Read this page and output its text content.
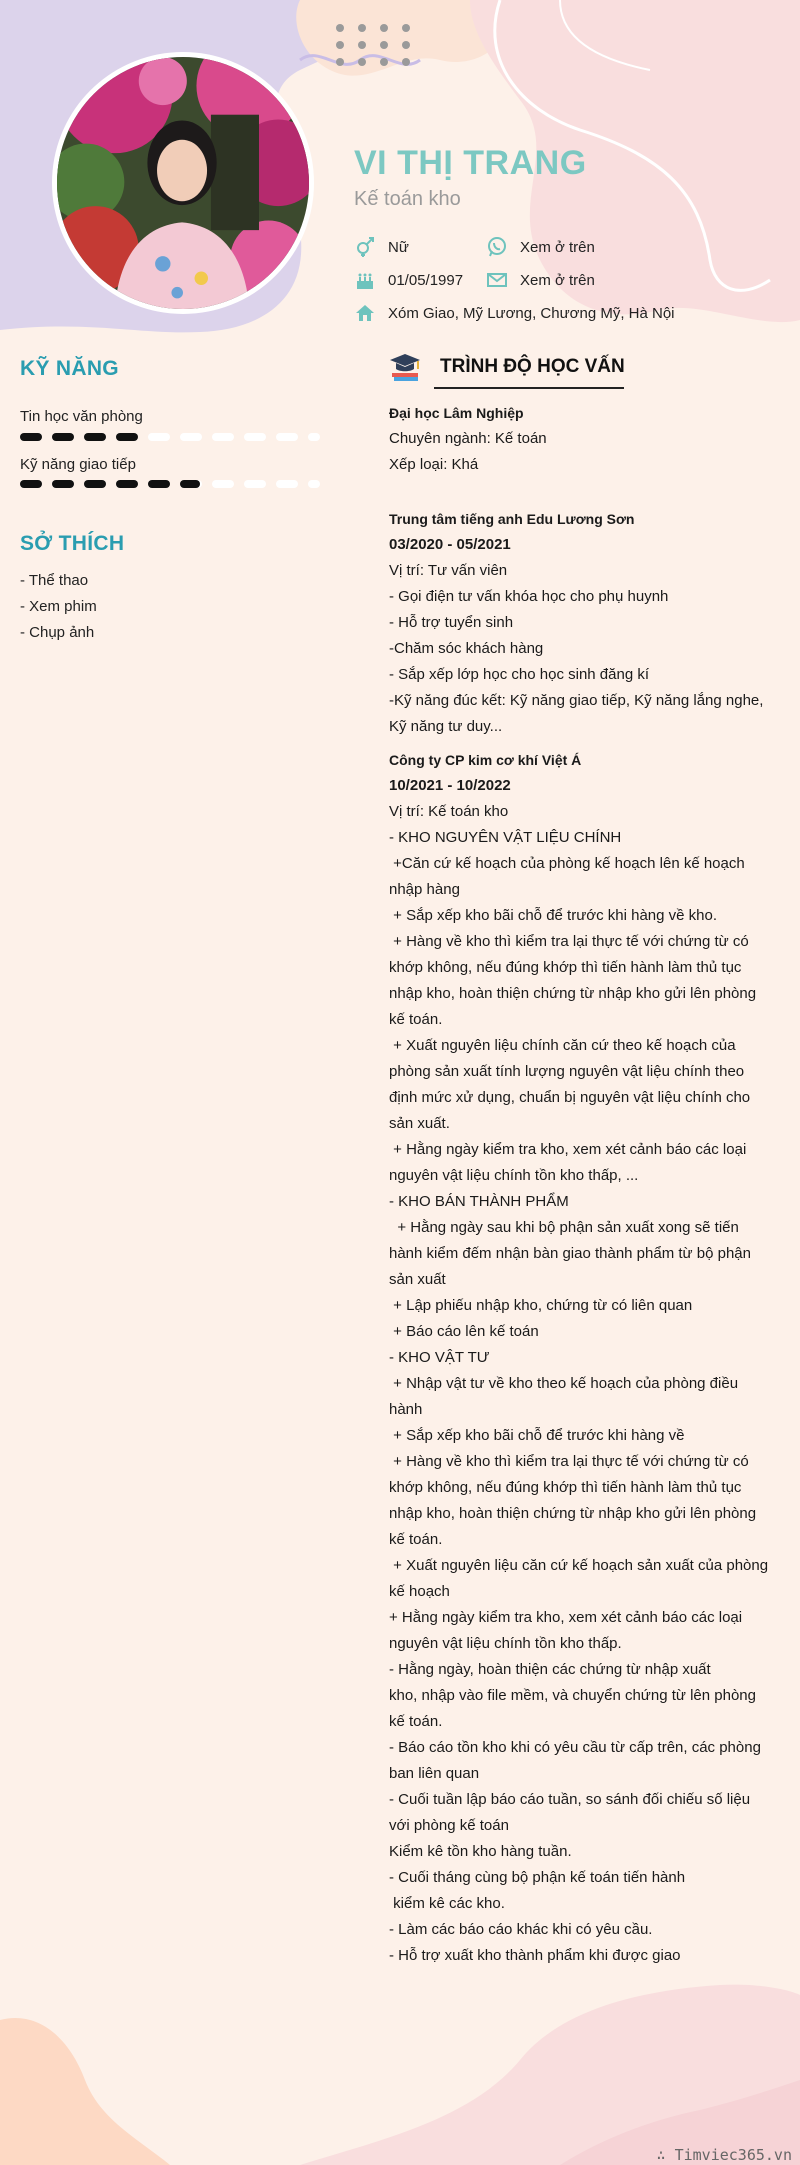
VI THỊ TRANG
Kế toán kho
Nữ	Xem ở trên
01/05/1997	Xem ở trên
Xóm Giao, Mỹ Lương, Chương Mỹ, Hà Nội
KỸ NĂNG
Tin học văn phòng
Kỹ năng giao tiếp
SỞ THÍCH
- Thể thao
- Xem phim
- Chụp ảnh
TRÌNH ĐỘ HỌC VẤN
Đại học Lâm Nghiệp
Chuyên ngành: Kế toán
Xếp loại: Khá
Trung tâm tiếng anh Edu Lương Sơn
03/2020 - 05/2021
Vị trí: Tư vấn viên
- Gọi điện tư vấn khóa học cho phụ huynh
- Hỗ trợ tuyển sinh
-Chăm sóc khách hàng
- Sắp xếp lớp học cho học sinh đăng kí
-Kỹ năng đúc kết: Kỹ năng giao tiếp, Kỹ năng lắng nghe,
Kỹ năng tư duy...
Công ty CP kim cơ khí Việt Á
10/2021 - 10/2022
Vị trí: Kế toán kho
- KHO NGUYÊN VẬT LIỆU CHÍNH
+Căn cứ kế hoạch của phòng kế hoạch lên kế hoạch
nhập hàng
+ Sắp xếp kho bãi chỗ để trước khi hàng về kho.
+ Hàng về kho thì kiểm tra lại thực tế với chứng từ có
khớp không, nếu đúng khớp thì tiến hành làm thủ tục
nhập kho, hoàn thiện chứng từ nhập kho gửi lên phòng
kế toán.
+ Xuất nguyên liệu chính căn cứ theo kế hoạch của
phòng sản xuất tính lượng nguyên vật liệu chính theo
định mức xử dụng, chuẩn bị nguyên vật liệu chính cho
sản xuất.
+ Hằng ngày kiểm tra kho, xem xét cảnh báo các loại
nguyên vật liệu chính tồn kho thấp, ...
- KHO BÁN THÀNH PHẨM
+ Hằng ngày sau khi bộ phận sản xuất xong sẽ tiến
hành kiểm đếm nhận bàn giao thành phẩm từ bộ phận
sản xuất
+ Lập phiếu nhập kho, chứng từ có liên quan
+ Báo cáo lên kế toán
- KHO VẬT TƯ
+ Nhập vật tư về kho theo kế hoạch của phòng điều
hành
+ Sắp xếp kho bãi chỗ để trước khi hàng về
+ Hàng về kho thì kiểm tra lại thực tế với chứng từ có
khớp không, nếu đúng khớp thì tiến hành làm thủ tục
nhập kho, hoàn thiện chứng từ nhập kho gửi lên phòng
kế toán.
+ Xuất nguyên liệu căn cứ kế hoạch sản xuất của phòng
kế hoạch
+ Hằng ngày kiểm tra kho, xem xét cảnh báo các loại
nguyên vật liệu chính tồn kho thấp.
- Hằng ngày, hoàn thiện các chứng từ nhập xuất
kho, nhập vào file mềm, và chuyển chứng từ lên phòng
kế toán.
- Báo cáo tồn kho khi có yêu cầu từ cấp trên, các phòng
ban liên quan
- Cuối tuần lập báo cáo tuần, so sánh đối chiếu số liệu
với phòng kế toán
Kiểm kê tồn kho hàng tuần.
- Cuối tháng cùng bộ phận kế toán tiến hành
kiểm kê các kho.
- Làm các báo cáo khác khi có yêu cầu.
- Hỗ trợ xuất kho thành phẩm khi được giao
∴ Timviec365.vn
